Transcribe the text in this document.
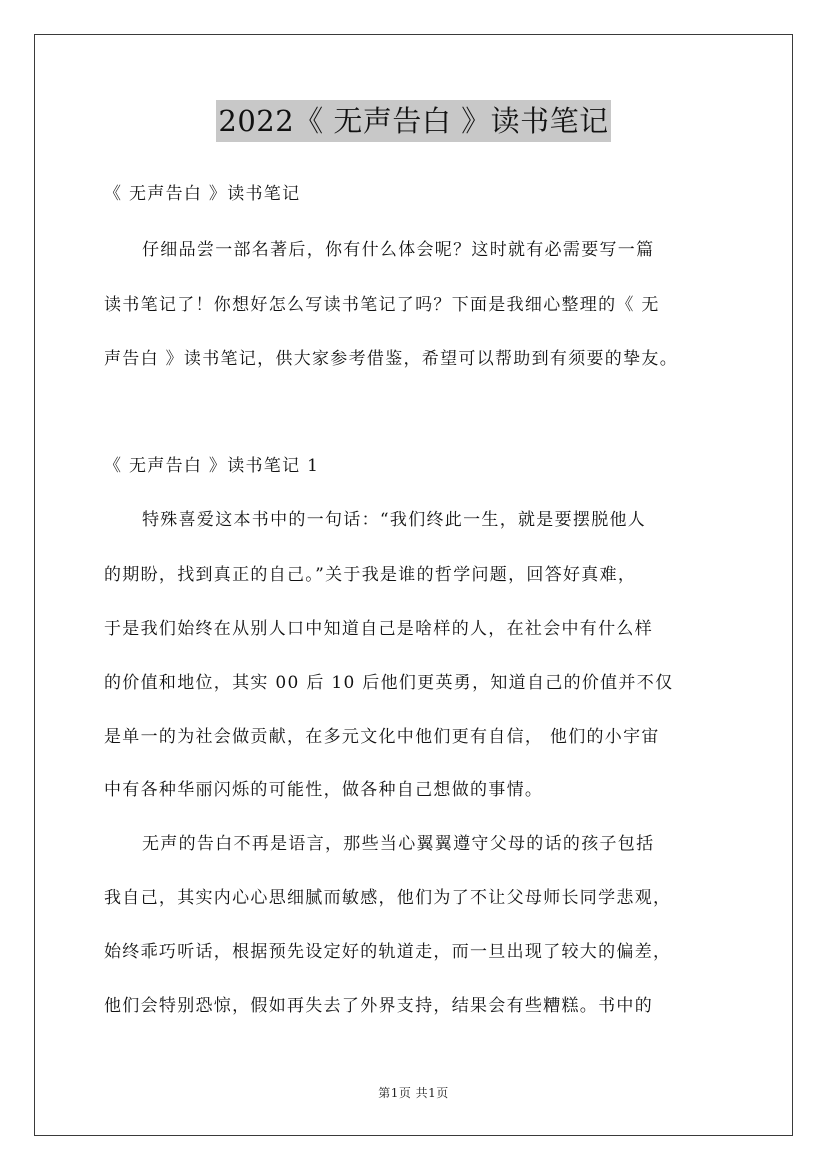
2022《 无声告白 》读书笔记
《 无声告白 》读书笔记
仔细品尝一部名著后，你有什么体会呢？这时就有必需要写一篇
读书笔记了！你想好怎么写读书笔记了吗？下面是我细心整理的《 无
声告白 》读书笔记，供大家参考借鉴，希望可以帮助到有须要的挚友。
《 无声告白 》读书笔记 1
特殊喜爱这本书中的一句话：“我们终此一生，就是要摆脱他人
的期盼，找到真正的自己。”关于我是谁的哲学问题，回答好真难，
于是我们始终在从别人口中知道自己是啥样的人，在社会中有什么样
的价值和地位，其实 00 后 10 后他们更英勇，知道自己的价值并不仅
是单一的为社会做贡献，在多元文化中他们更有自信， 他们的小宇宙
中有各种华丽闪烁的可能性，做各种自己想做的事情。
无声的告白不再是语言，那些当心翼翼遵守父母的话的孩子包括
我自己，其实内心心思细腻而敏感，他们为了不让父母师长同学悲观，
始终乖巧听话，根据预先设定好的轨道走，而一旦出现了较大的偏差，
他们会特别恐惊，假如再失去了外界支持，结果会有些糟糕。书中的
第1页 共1页
